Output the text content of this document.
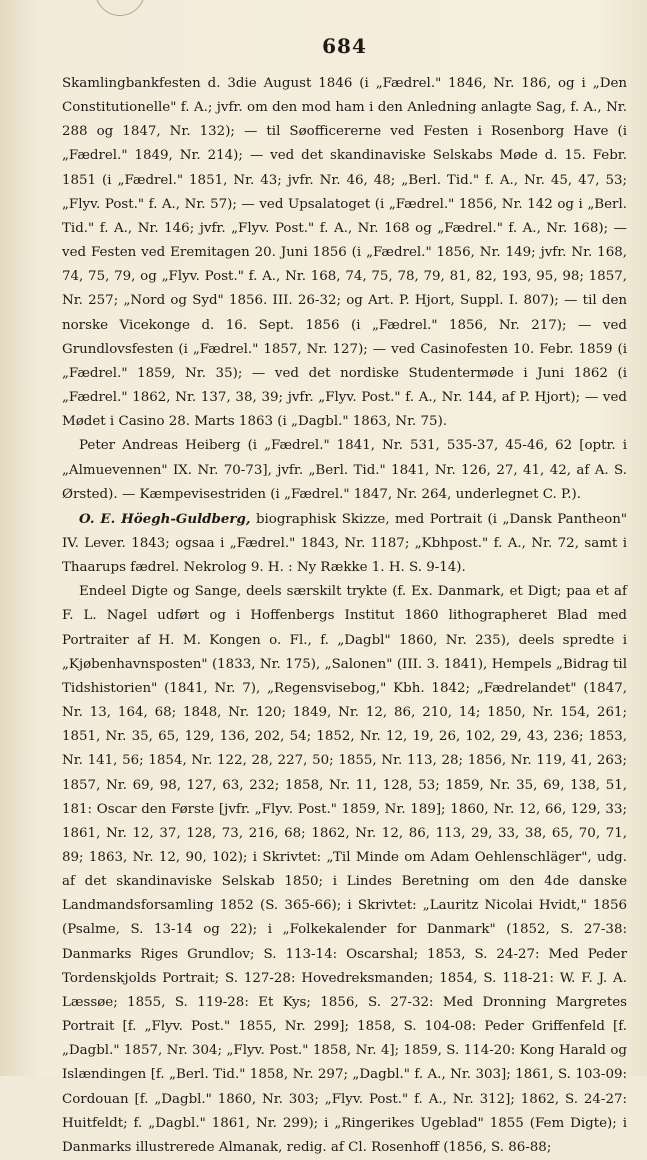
684

Skamlingbankfesten d. 3die August 1846 (i „Fædrel." 1846, Nr. 186, og i „Den Constitutionelle" f. A.; jvfr. om den mod ham i den Anledning anlagte Sag, f. A., Nr. 288 og 1847, Nr. 132); — til Søofficererne ved Festen i Rosenborg Have (i „Fædrel." 1849, Nr. 214); — ved det skandinaviske Selskabs Møde d. 15. Febr. 1851 (i „Fædrel." 1851, Nr. 43; jvfr. Nr. 46, 48; „Berl. Tid." f. A., Nr. 45, 47, 53; „Flyv. Post." f. A., Nr. 57); — ved Upsalatoget (i „Fædrel." 1856, Nr. 142 og i „Berl. Tid." f. A., Nr. 146; jvfr. „Flyv. Post." f. A., Nr. 168 og „Fædrel." f. A., Nr. 168); — ved Festen ved Eremitagen 20. Juni 1856 (i „Fædrel." 1856, Nr. 149; jvfr. Nr. 168, 74, 75, 79, og „Flyv. Post." f. A., Nr. 168, 74, 75, 78, 79, 81, 82, 193, 95, 98; 1857, Nr. 257; „Nord og Syd" 1856. III. 26-32; og Art. P. Hjort, Suppl. I. 807); — til den norske Vicekonge d. 16. Sept. 1856 (i „Fædrel." 1856, Nr. 217); — ved Grundlovsfesten (i „Fædrel." 1857, Nr. 127); — ved Casinofesten 10. Febr. 1859 (i „Fædrel." 1859, Nr. 35); — ved det nordiske Studentermøde i Juni 1862 (i „Fædrel." 1862, Nr. 137, 38, 39; jvfr. „Flyv. Post." f. A., Nr. 144, af P. Hjort); — ved Mødet i Casino 28. Marts 1863 (i „Dagbl." 1863, Nr. 75).

Peter Andreas Heiberg (i „Fædrel." 1841, Nr. 531, 535-37, 45-46, 62 [optr. i „Almuevennen" IX. Nr. 70-73], jvfr. „Berl. Tid." 1841, Nr. 126, 27, 41, 42, af A. S. Ørsted). — Kæmpevisestriden (i „Fædrel." 1847, Nr. 264, underlegnet C. P.).

O. E. Höegh-Guldberg, biographisk Skizze, med Portrait (i „Dansk Pantheon" IV. Lever. 1843; ogsaa i „Fædrel." 1843, Nr. 1187; „Kbhpost." f. A., Nr. 72, samt i Thaarups fædrel. Nekrolog 9. H. : Ny Række 1. H. S. 9-14).

Endeel Digte og Sange, deels særskilt trykte (f. Ex. Danmark, et Digt; paa et af F. L. Nagel udført og i Hoffenbergs Institut 1860 lithographeret Blad med Portraiter af H. M. Kongen o. Fl., f. „Dagbl" 1860, Nr. 235), deels spredte i „Kjøbenhavnsposten" (1833, Nr. 175), „Salonen" (III. 3. 1841), Hempels „Bidrag til Tidshistorien" (1841, Nr. 7), „Regensvisebog," Kbh. 1842; „Fædrelandet" (1847, Nr. 13, 164, 68; 1848, Nr. 120; 1849, Nr. 12, 86, 210, 14; 1850, Nr. 154, 261; 1851, Nr. 35, 65, 129, 136, 202, 54; 1852, Nr. 12, 19, 26, 102, 29, 43, 236; 1853, Nr. 141, 56; 1854, Nr. 122, 28, 227, 50; 1855, Nr. 113, 28; 1856, Nr. 119, 41, 263; 1857, Nr. 69, 98, 127, 63, 232; 1858, Nr. 11, 128, 53; 1859, Nr. 35, 69, 138, 51, 181: Oscar den Første [jvfr. „Flyv. Post." 1859, Nr. 189]; 1860, Nr. 12, 66, 129, 33; 1861, Nr. 12, 37, 128, 73, 216, 68; 1862, Nr. 12, 86, 113, 29, 33, 38, 65, 70, 71, 89; 1863, Nr. 12, 90, 102); i Skrivtet: „Til Minde om Adam Oehlenschläger", udg. af det skandinaviske Selskab 1850; i Lindes Beretning om den 4de danske Landmandsforsamling 1852 (S. 365-66); i Skrivtet: „Lauritz Nicolai Hvidt," 1856 (Psalme, S. 13-14 og 22); i „Folkekalender for Danmark" (1852, S. 27-38: Danmarks Riges Grundlov; S. 113-14: Oscarshal; 1853, S. 24-27: Med Peder Tordenskjolds Portrait; S. 127-28: Hovedreksmanden; 1854, S. 118-21: W. F. J. A. Læssøe; 1855, S. 119-28: Et Kys; 1856, S. 27-32: Med Dronning Margretes Portrait [f. „Flyv. Post." 1855, Nr. 299]; 1858, S. 104-08: Peder Griffenfeld [f. „Dagbl." 1857, Nr. 304; „Flyv. Post." 1858, Nr. 4]; 1859, S. 114-20: Kong Harald og Islændingen [f. „Berl. Tid." 1858, Nr. 297; „Dagbl." f. A., Nr. 303]; 1861, S. 103-09: Cordouan [f. „Dagbl." 1860, Nr. 303; „Flyv. Post." f. A., Nr. 312]; 1862, S. 24-27: Huitfeldt; f. „Dagbl." 1861, Nr. 299); i „Ringerikes Ugeblad" 1855 (Fem Digte); i Danmarks illustrerede Almanak, redig. af Cl. Rosenhoff (1856, S. 86-88;
